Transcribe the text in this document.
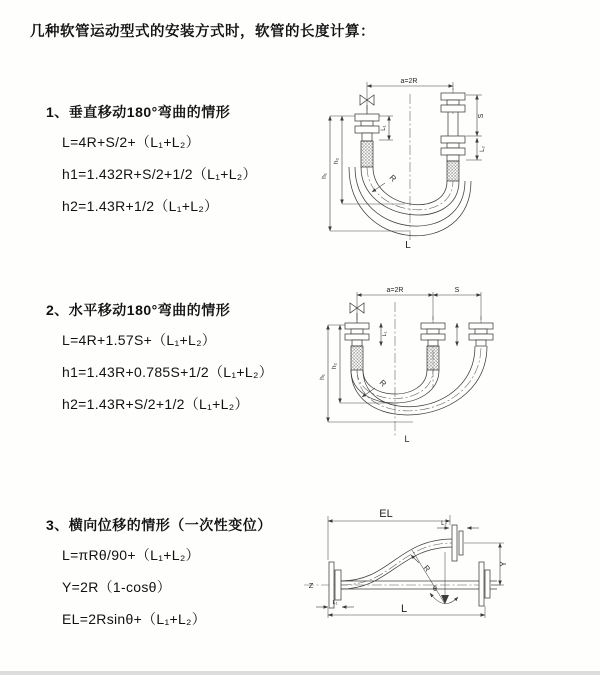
几种软管运动型式的安装方式时，软管的长度计算：
1、垂直移动180°弯曲的情形

L=4R+S/2+（L₁+L₂）

h1=1.432R+S/2+1/2（L₁+L₂）

h2=1.43R+1/2（L₁+L₂）

2、水平移动180°弯曲的情形

L=4R+1.57S+（L₁+L₂）

h1=1.43R+0.785S+1/2（L₁+L₂）

h2=1.43R+S/2+1/2（L₁+L₂）

3、横向位移的情形（一次性变位）

L=πRθ/90+（L₁+L₂）

Y=2R（1-cosθ）

EL=2Rsinθ+（L₁+L₂）

a=2R
h₁
h₂
L₁
S
L₂
R
L
a=2R	S
L₁
h₁
h₂
R
L
Z
EL
L₂
Y
θ
R
L₁	L
